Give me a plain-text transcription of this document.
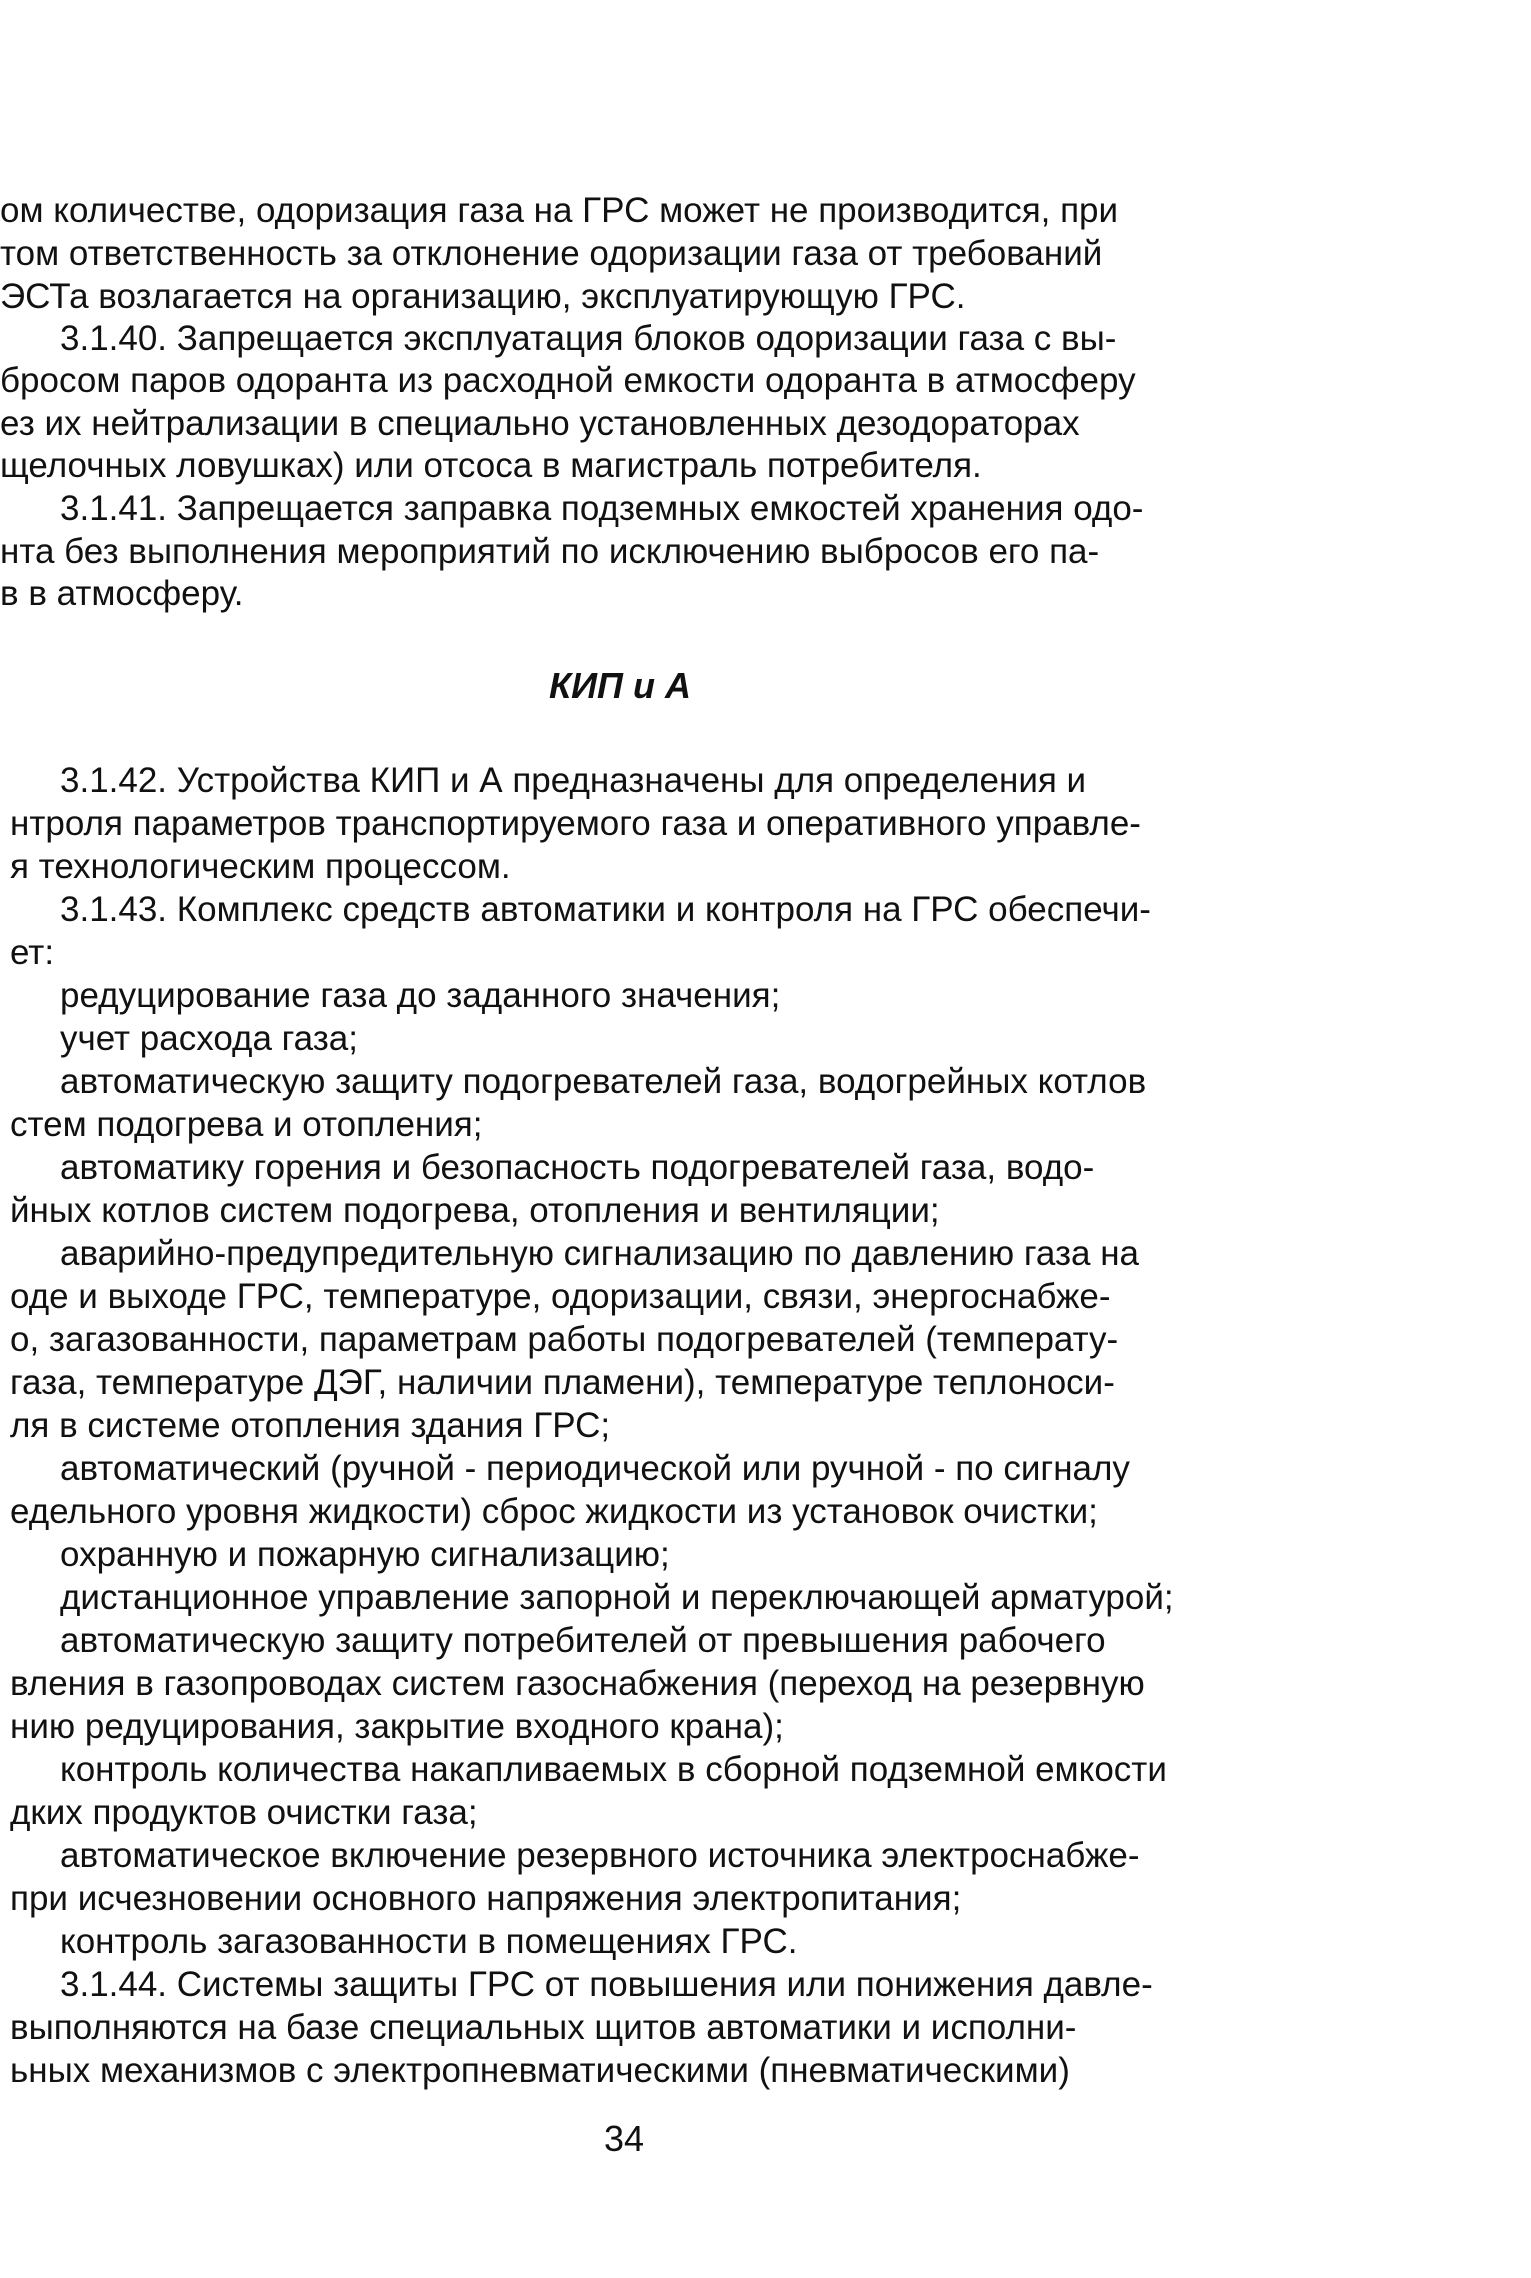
ом количестве, одоризация газа на ГРС может не производится, при

том ответственность за отклонение одоризации газа от требований

ЭСТа возлагается на организацию, эксплуатирующую ГРС.

3.1.40. Запрещается эксплуатация блоков одоризации газа с вы-

бросом паров одоранта из расходной емкости одоранта в атмосферу

ез их нейтрализации в специально установленных дезодораторах

щелочных ловушках) или отсоса в магистраль потребителя.

3.1.41. Запрещается заправка подземных емкостей хранения одо-

нта без выполнения мероприятий по исключению выбросов его па-

в в атмосферу.

КИП и А

3.1.42. Устройства КИП и А предназначены для определения и

нтроля параметров транспортируемого газа и оперативного управле-

я технологическим процессом.

3.1.43. Комплекс средств автоматики и контроля на ГРС обеспечи-

ет:

редуцирование газа до заданного значения;

учет расхода газа;

автоматическую защиту подогревателей газа, водогрейных котлов

стем подогрева и отопления;

автоматику горения и безопасность подогревателей газа, водо-

йных котлов систем подогрева, отопления и вентиляции;

аварийно-предупредительную сигнализацию по давлению газа на

оде и выходе ГРС, температуре, одоризации, связи, энергоснабже-

о, загазованности, параметрам работы подогревателей (температу-

газа, температуре ДЭГ, наличии пламени), температуре теплоноси-

ля в системе отопления здания ГРС;

автоматический (ручной - периодической или ручной - по сигналу

едельного уровня жидкости) сброс жидкости из установок очистки;

охранную и пожарную сигнализацию;

дистанционное управление запорной и переключающей арматурой;

автоматическую защиту потребителей от превышения рабочего

вления в газопроводах систем газоснабжения (переход на резервную

нию редуцирования, закрытие входного крана);

контроль количества накапливаемых в сборной подземной емкости

дких продуктов очистки газа;

автоматическое включение резервного источника электроснабже-

при исчезновении основного напряжения электропитания;

контроль загазованности в помещениях ГРС.

3.1.44. Системы защиты ГРС от повышения или понижения давле-

выполняются на базе специальных щитов автоматики и исполни-

ьных механизмов с электропневматическими (пневматическими)

34
